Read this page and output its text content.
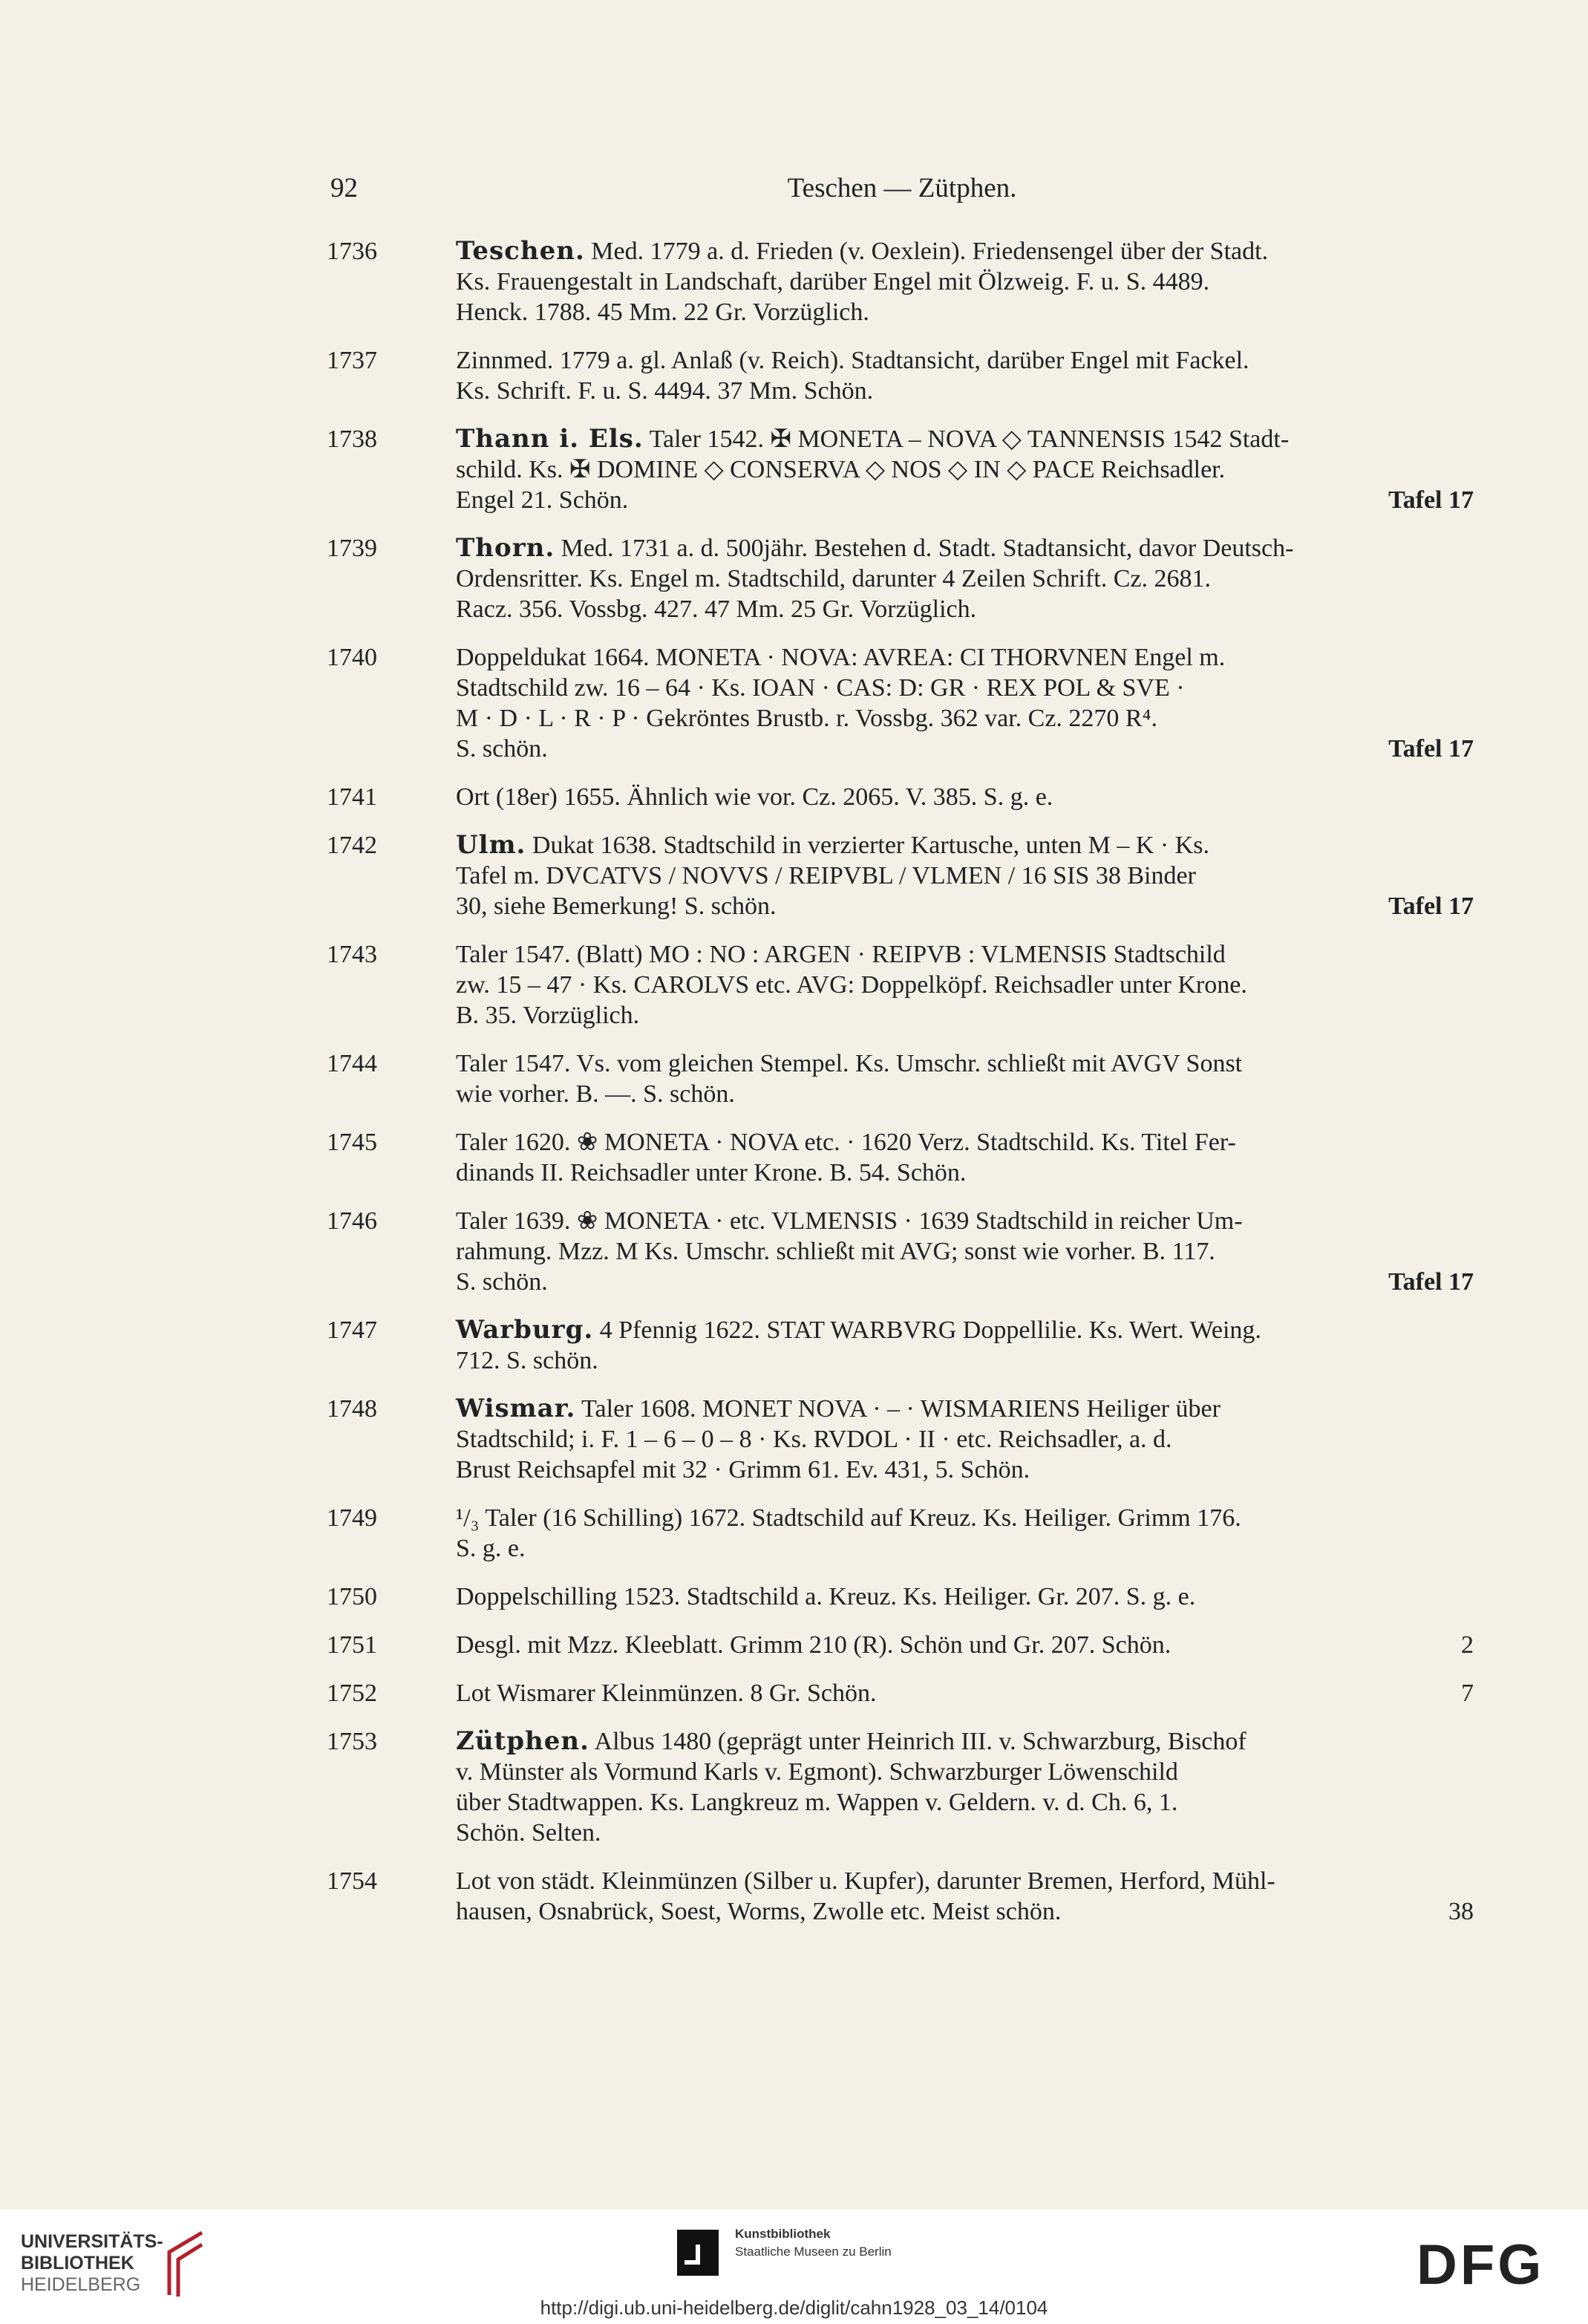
92	Teschen — Zütphen.
1736	Teschen. Med. 1779 a. d. Frieden (v. Oexlein). Friedensengel über der Stadt.
Ks. Frauengestalt in Landschaft, darüber Engel mit Ölzweig. F. u. S. 4489.
Henck. 1788. 45 Mm. 22 Gr. Vorzüglich.
1737	Zinnmed. 1779 a. gl. Anlaß (v. Reich). Stadtansicht, darüber Engel mit Fackel.
Ks. Schrift. F. u. S. 4494. 37 Mm. Schön.
1738	Thann i. Els. Taler 1542. ✠ MONETA – NOVA ◇ TANNENSIS 1542 Stadt-
schild. Ks. ✠ DOMINE ◇ CONSERVA ◇ NOS ◇ IN ◇ PACE Reichsadler.
Engel 21. Schön.	Tafel 17
1739	Thorn. Med. 1731 a. d. 500jähr. Bestehen d. Stadt. Stadtansicht, davor Deutsch-
Ordensritter. Ks. Engel m. Stadtschild, darunter 4 Zeilen Schrift. Cz. 2681.
Racz. 356. Vossbg. 427. 47 Mm. 25 Gr. Vorzüglich.
1740	Doppeldukat 1664. MONETA · NOVA: AVREA: CI THORVNEN Engel m.
Stadtschild zw. 16 – 64 · Ks. IOAN · CAS: D: GR · REX POL & SVE ·
M · D · L · R · P · Gekröntes Brustb. r. Vossbg. 362 var. Cz. 2270 R⁴.
S. schön.	Tafel 17
1741	Ort (18er) 1655. Ähnlich wie vor. Cz. 2065. V. 385. S. g. e.
1742	Ulm. Dukat 1638. Stadtschild in verzierter Kartusche, unten M – K · Ks.
Tafel m. DVCATVS / NOVVS / REIPVBL / VLMEN / 16 SIS 38 Binder
30, siehe Bemerkung! S. schön.	Tafel 17
1743	Taler 1547. (Blatt) MO : NO : ARGEN · REIPVB : VLMENSIS Stadtschild
zw. 15 – 47 · Ks. CAROLVS etc. AVG: Doppelköpf. Reichsadler unter Krone.
B. 35. Vorzüglich.
1744	Taler 1547. Vs. vom gleichen Stempel. Ks. Umschr. schließt mit AVGV Sonst
wie vorher. B. —. S. schön.
1745	Taler 1620. ❀ MONETA · NOVA etc. · 1620 Verz. Stadtschild. Ks. Titel Fer-
dinands II. Reichsadler unter Krone. B. 54. Schön.
1746	Taler 1639. ❀ MONETA · etc. VLMENSIS · 1639 Stadtschild in reicher Um-
rahmung. Mzz. M Ks. Umschr. schließt mit AVG; sonst wie vorher. B. 117.
S. schön.	Tafel 17
1747	Warburg. 4 Pfennig 1622. STAT WARBVRG Doppellilie. Ks. Wert. Weing.
712. S. schön.
1748	Wismar. Taler 1608. MONET NOVA · – · WISMARIENS Heiliger über
Stadtschild; i. F. 1 – 6 – 0 – 8 · Ks. RVDOL · II · etc. Reichsadler, a. d.
Brust Reichsapfel mit 32 · Grimm 61. Ev. 431, 5. Schön.
1749	¹/₃ Taler (16 Schilling) 1672. Stadtschild auf Kreuz. Ks. Heiliger. Grimm 176.
S. g. e.
1750	Doppelschilling 1523. Stadtschild a. Kreuz. Ks. Heiliger. Gr. 207. S. g. e.
1751	Desgl. mit Mzz. Kleeblatt. Grimm 210 (R). Schön und Gr. 207. Schön.	2
1752	Lot Wismarer Kleinmünzen. 8 Gr. Schön.	7
1753	Zütphen. Albus 1480 (geprägt unter Heinrich III. v. Schwarzburg, Bischof
v. Münster als Vormund Karls v. Egmont). Schwarzburger Löwenschild
über Stadtwappen. Ks. Langkreuz m. Wappen v. Geldern. v. d. Ch. 6, 1.
Schön. Selten.
1754	Lot von städt. Kleinmünzen (Silber u. Kupfer), darunter Bremen, Herford, Mühl-
hausen, Osnabrück, Soest, Worms, Zwolle etc. Meist schön.	38
UNIVERSITÄTS-
BIBLIOTHEK
HEIDELBERG
Kunstbibliothek
Staatliche Museen zu Berlin	DFG
http://digi.ub.uni-heidelberg.de/diglit/cahn1928_03_14/0104
